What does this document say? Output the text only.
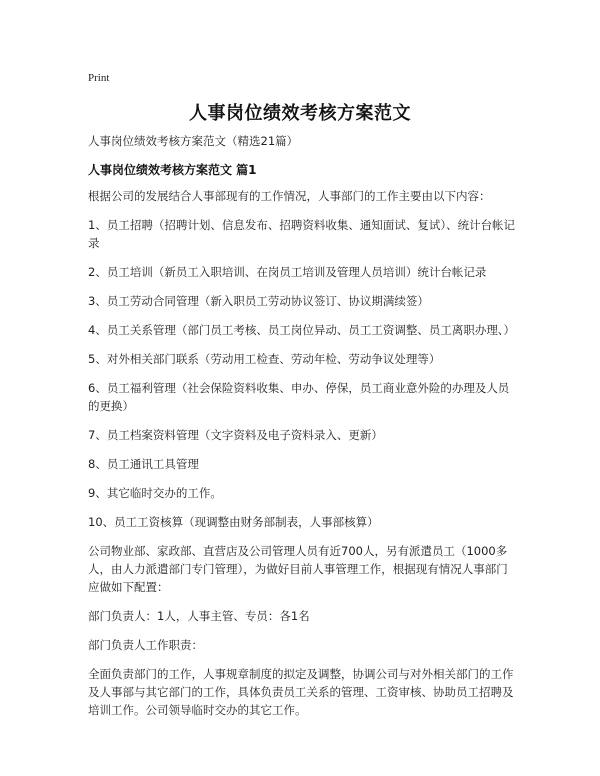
Print
人事岗位绩效考核方案范文

人事岗位绩效考核方案范文（精选21篇）

人事岗位绩效考核方案范文 篇1

根据公司的发展结合人事部现有的工作情况，人事部门的工作主要由以下内容：

1、员工招聘（招聘计划、信息发布、招聘资料收集、通知面试、复试）、统计台帐记录

2、员工培训（新员工入职培训、在岗员工培训及管理人员培训）统计台帐记录

3、员工劳动合同管理（新入职员工劳动协议签订、协议期满续签）

4、员工关系管理（部门员工考核、员工岗位异动、员工工资调整、员工离职办理、）

5、对外相关部门联系（劳动用工检查、劳动年检、劳动争议处理等）

6、员工福利管理（社会保险资料收集、申办、停保，员工商业意外险的办理及人员的更换）

7、员工档案资料管理（文字资料及电子资料录入、更新）

8、员工通讯工具管理

9、其它临时交办的工作。

10、员工工资核算（现调整由财务部制表，人事部核算）

公司物业部、家政部、直营店及公司管理人员有近700人，另有派遣员工（1000多人，由人力派遣部门专门管理），为做好目前人事管理工作，根据现有情况人事部门应做如下配置：

部门负责人：1人，人事主管、专员：各1名

部门负责人工作职责：

全面负责部门的工作，人事规章制度的拟定及调整，协调公司与对外相关部门的工作及人事部与其它部门的工作，具体负责员工关系的管理、工资审核、协助员工招聘及培训工作。公司领导临时交办的其它工作。
